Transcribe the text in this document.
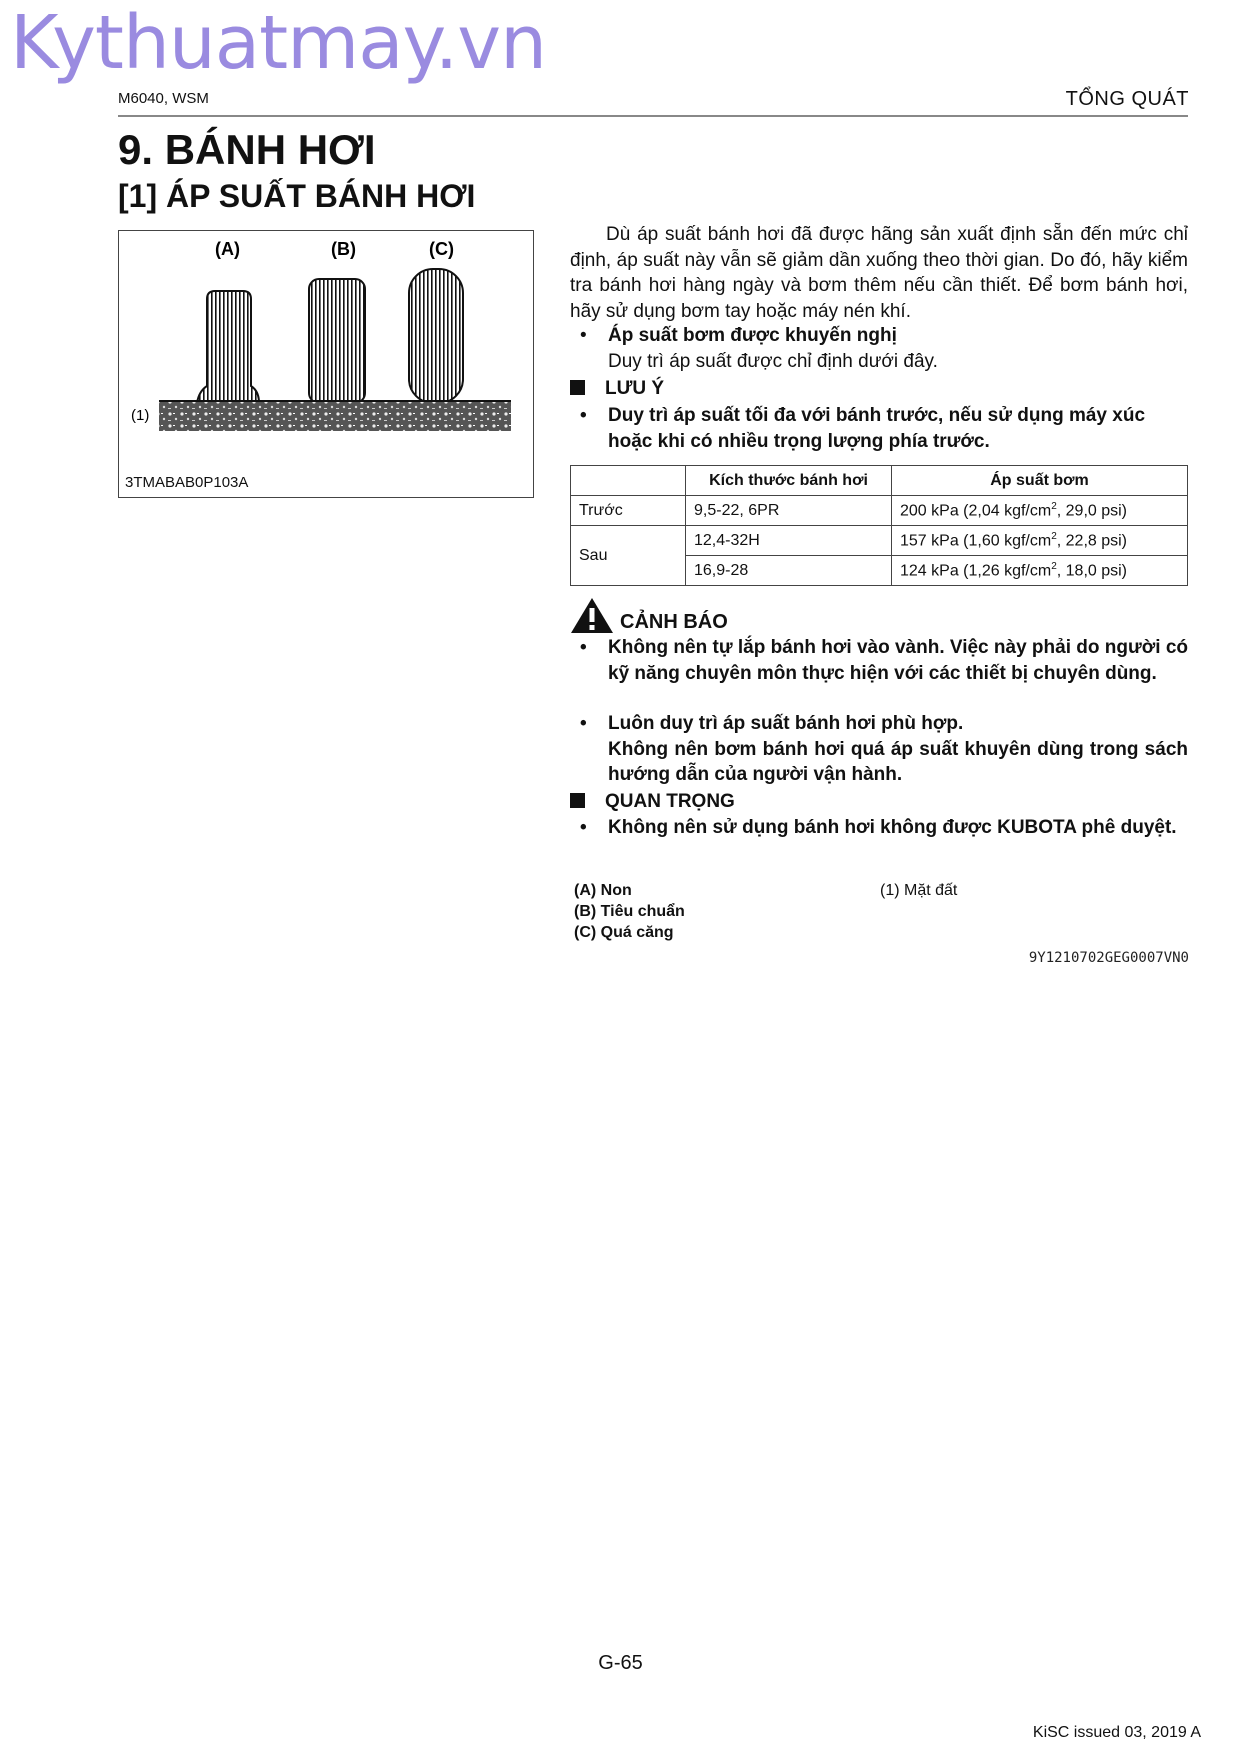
Kythuatmay.vn
M6040, WSM	TỔNG QUÁT
9. BÁNH HƠI
[1] ÁP SUẤT BÁNH HƠI
(A)	(B)	(C)
(1)
3TMABAB0P103A
Dù áp suất bánh hơi đã được hãng sản xuất định sẵn đến mức chỉ định, áp suất này vẫn sẽ giảm dần xuống theo thời gian. Do đó, hãy kiểm tra bánh hơi hàng ngày và bơm thêm nếu cần thiết. Để bơm bánh hơi, hãy sử dụng bơm tay hoặc máy nén khí.
• Áp suất bơm được khuyến nghị
Duy trì áp suất được chỉ định dưới đây.
LƯU Ý
• Duy trì áp suất tối đa với bánh trước, nếu sử dụng máy xúc hoặc khi có nhiều trọng lượng phía trước.
	Kích thước bánh hơi	Áp suất bơm
Trước	9,5-22, 6PR	200 kPa (2,04 kgf/$cm^2$, 29,0 psi)
Sau	12,4-32H	157 kPa (1,60 kgf/$cm^2$, 22,8 psi)
	16,9-28	124 kPa (1,26 kgf/$cm^2$, 18,0 psi)
CẢNH BÁO
• Không nên tự lắp bánh hơi vào vành. Việc này phải do người có kỹ năng chuyên môn thực hiện với các thiết bị chuyên dùng.
• Luôn duy trì áp suất bánh hơi phù hợp.
Không nên bơm bánh hơi quá áp suất khuyên dùng trong sách hướng dẫn của người vận hành.
QUAN TRỌNG
• Không nên sử dụng bánh hơi không được KUBOTA phê duyệt.
(A) Non
(B) Tiêu chuẩn
(C) Quá căng
(1) Mặt đất
9Y1210702GEG0007VN0
G-65
KiSC issued 03, 2019 A
